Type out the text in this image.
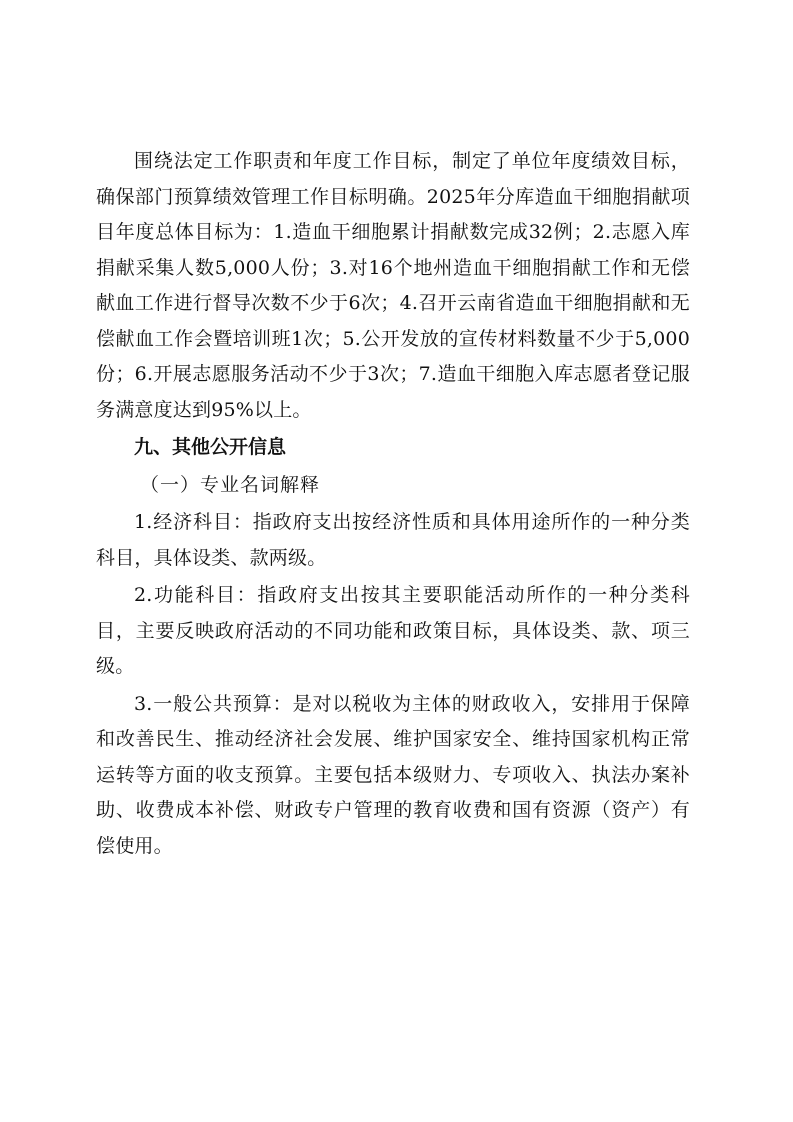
围绕法定工作职责和年度工作目标，制定了单位年度绩效目标，确保部门预算绩效管理工作目标明确。2025年分库造血干细胞捐献项目年度总体目标为：1.造血干细胞累计捐献数完成32例；2.志愿入库捐献采集人数5,000人份；3.对16个地州造血干细胞捐献工作和无偿献血工作进行督导次数不少于6次；4.召开云南省造血干细胞捐献和无偿献血工作会暨培训班1次；5.公开发放的宣传材料数量不少于5,000份；6.开展志愿服务活动不少于3次；7.造血干细胞入库志愿者登记服务满意度达到95%以上。

九、其他公开信息

（一）专业名词解释

1.经济科目：指政府支出按经济性质和具体用途所作的一种分类科目，具体设类、款两级。

2.功能科目：指政府支出按其主要职能活动所作的一种分类科目，主要反映政府活动的不同功能和政策目标，具体设类、款、项三级。

3.一般公共预算：是对以税收为主体的财政收入，安排用于保障和改善民生、推动经济社会发展、维护国家安全、维持国家机构正常运转等方面的收支预算。主要包括本级财力、专项收入、执法办案补助、收费成本补偿、财政专户管理的教育收费和国有资源（资产）有偿使用。
